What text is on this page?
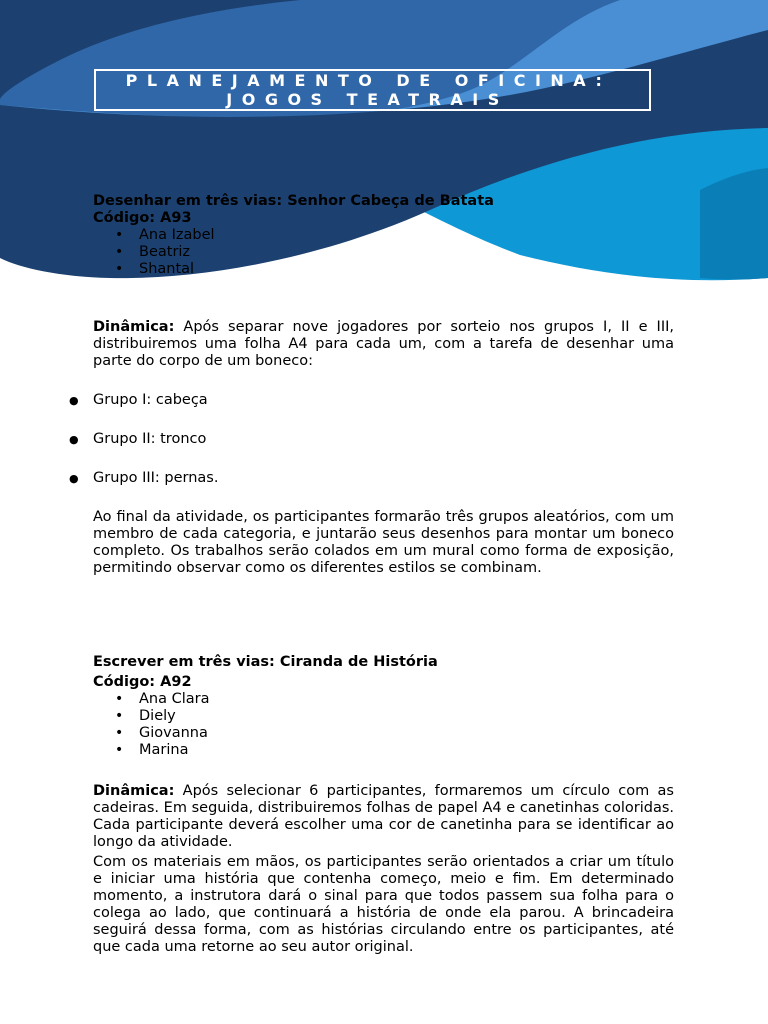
PLANEJAMENTO DE OFICINA:
JOGOS TEATRAIS
Desenhar em três vias: Senhor Cabeça de Batata
Código: A93
• Ana Izabel
• Beatriz
• Shantal
Dinâmica: Após separar nove jogadores por sorteio nos grupos I, II e III, distribuiremos uma folha A4 para cada um, com a tarefa de desenhar uma parte do corpo de um boneco:
● Grupo I: cabeça
● Grupo II: tronco
● Grupo III: pernas.
Ao final da atividade, os participantes formarão três grupos aleatórios, com um membro de cada categoria, e juntarão seus desenhos para montar um boneco completo. Os trabalhos serão colados em um mural como forma de exposição, permitindo observar como os diferentes estilos se combinam.
Escrever em três vias: Ciranda de História
Código: A92
• Ana Clara
• Diely
• Giovanna
• Marina
Dinâmica: Após selecionar 6 participantes, formaremos um círculo com as cadeiras. Em seguida, distribuiremos folhas de papel A4 e canetinhas coloridas. Cada participante deverá escolher uma cor de canetinha para se identificar ao longo da atividade.
Com os materiais em mãos, os participantes serão orientados a criar um título e iniciar uma história que contenha começo, meio e fim. Em determinado momento, a instrutora dará o sinal para que todos passem sua folha para o colega ao lado, que continuará a história de onde ela parou. A brincadeira seguirá dessa forma, com as histórias circulando entre os participantes, até que cada uma retorne ao seu autor original.
